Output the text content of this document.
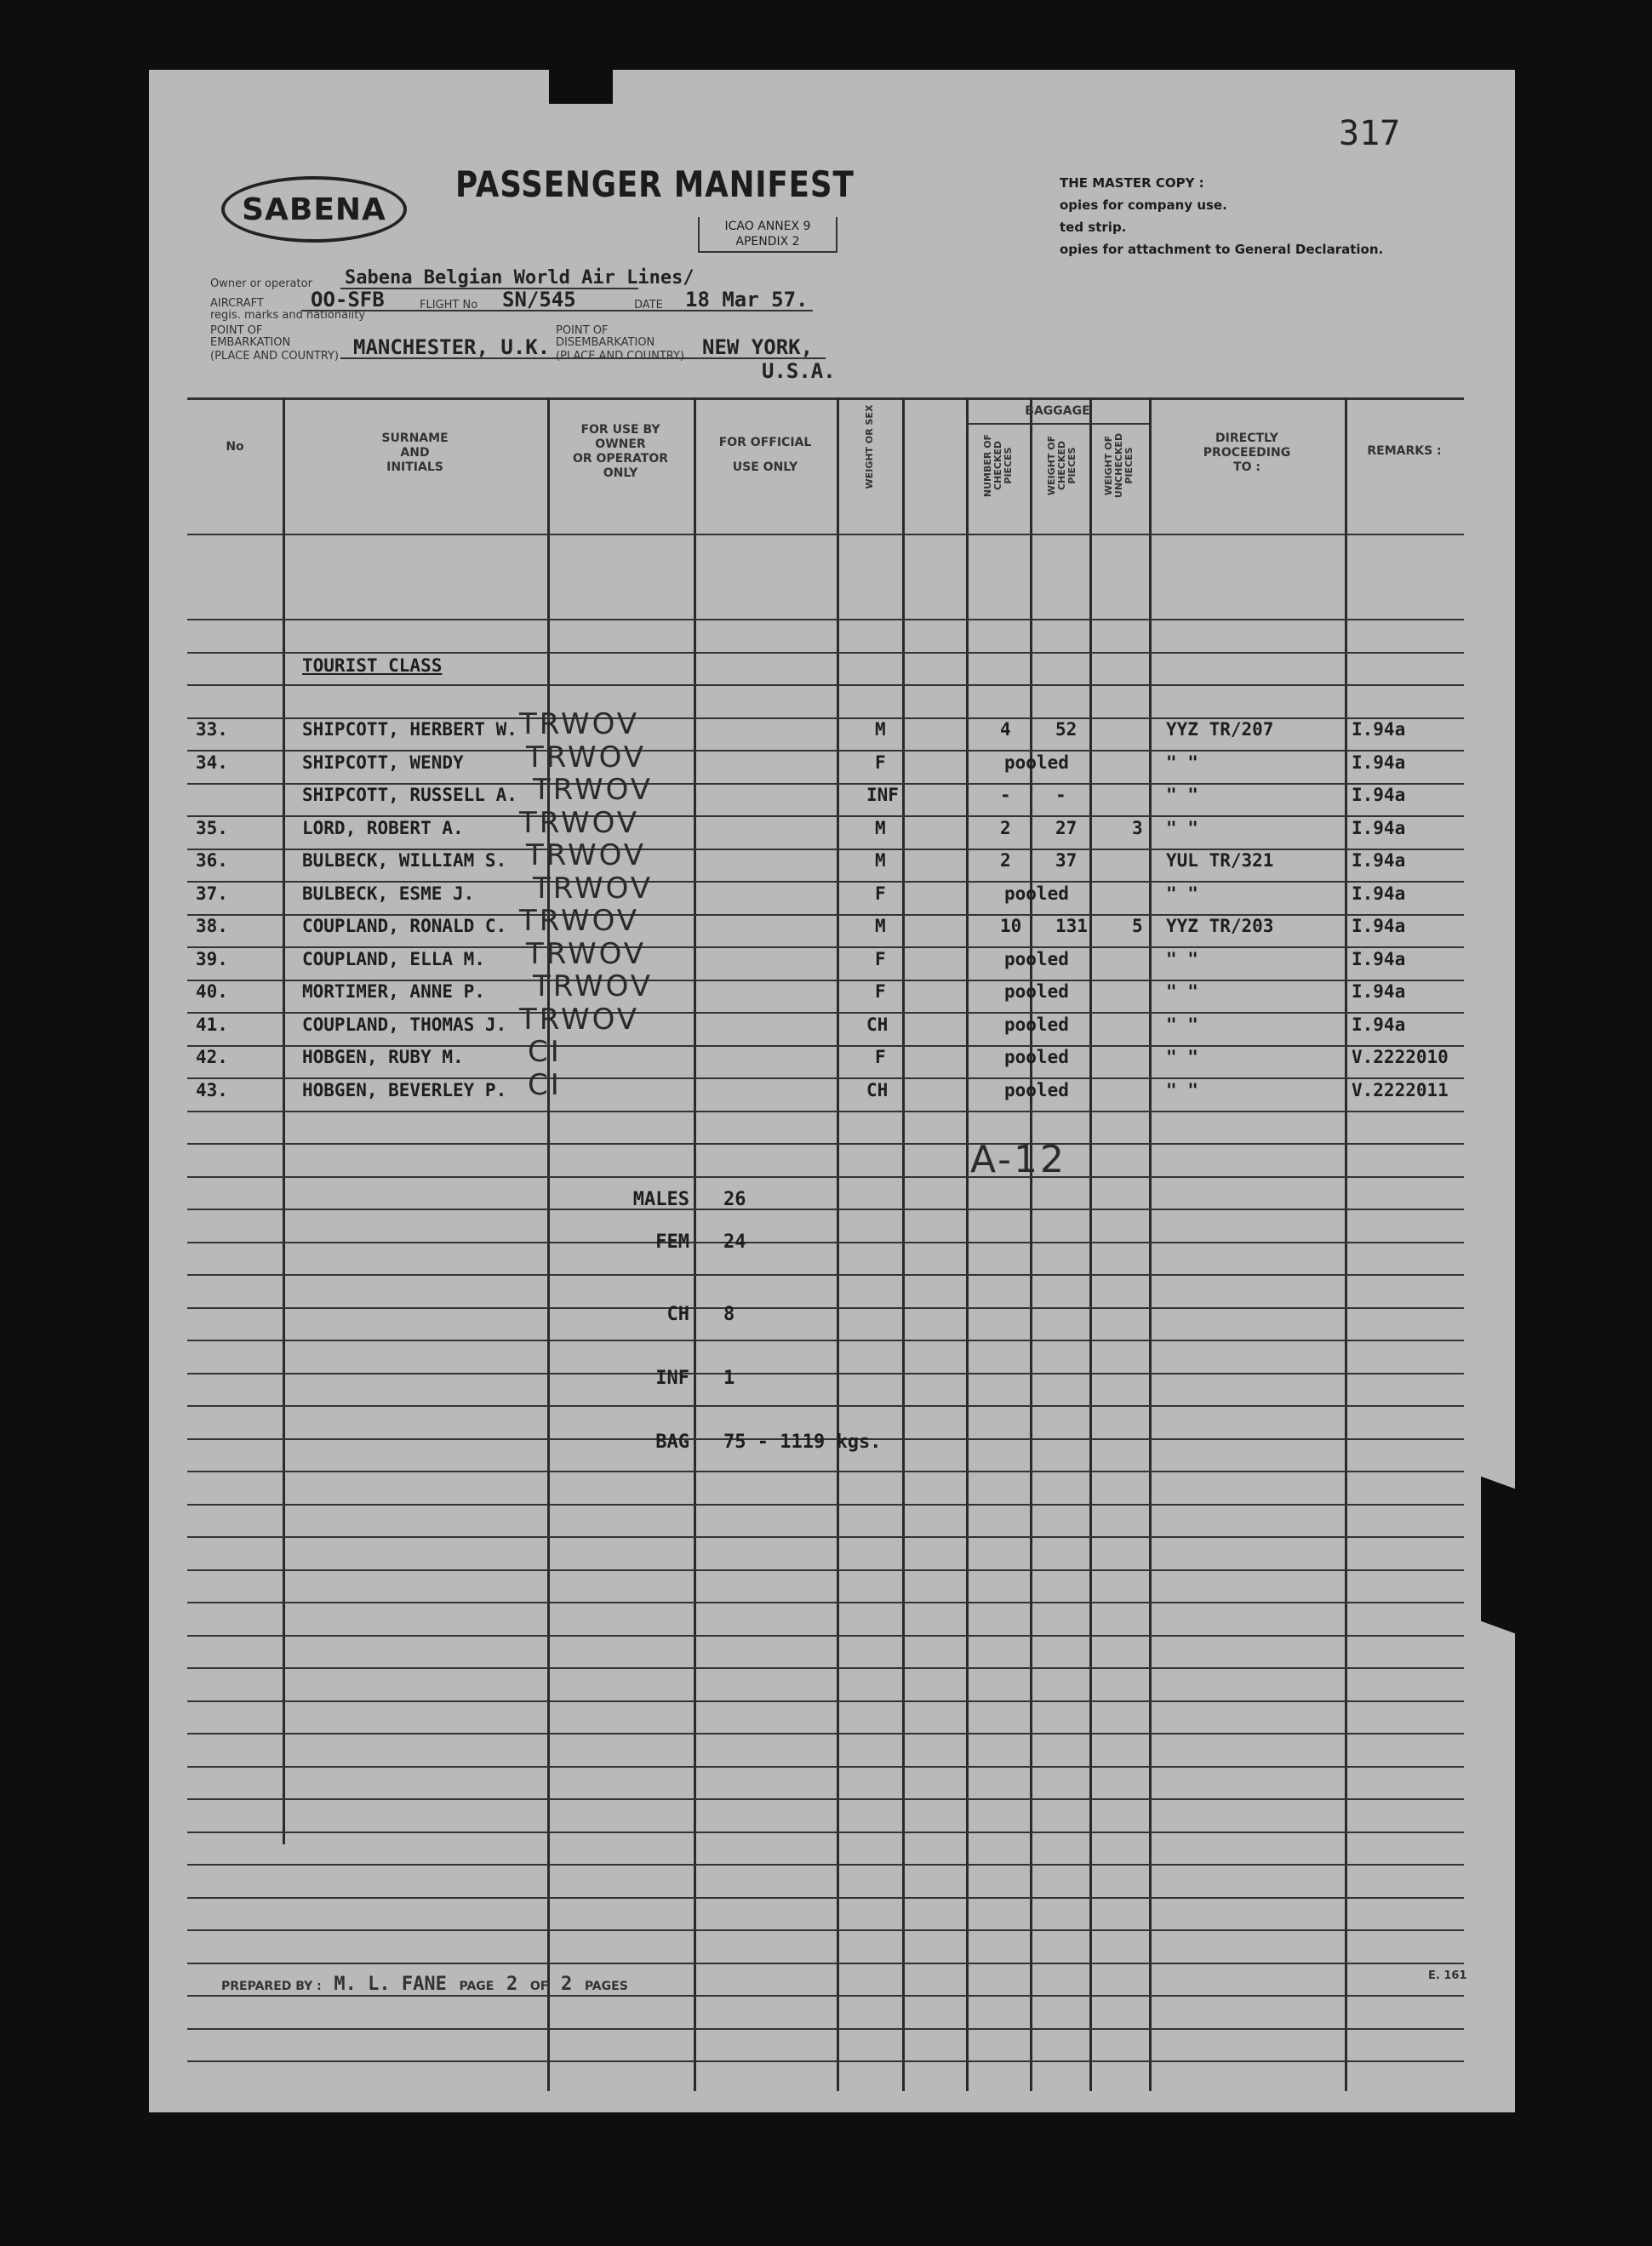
317
SABENA
PASSENGER MANIFEST
ICAO ANNEX 9
APENDIX 2
THE MASTER COPY :
opies for company use.
ted strip.
opies for attachment to General Declaration.
Owner or operator Sabena Belgian World Air Lines/
AIRCRAFT
regis. marks and nationality
OO-SFB	FLIGHT No SN/545	DATE 18 Mar 57.
POINT OF EMBARKATION
(PLACE AND COUNTRY) MANCHESTER, U.K.
POINT OF DISEMBARKATION
(PLACE AND COUNTRY) NEW YORK,
U.S.A.
No
SURNAME
AND
INITIALS
FOR USE BY
OWNER
OR OPERATOR
ONLY
FOR OFFICIAL
USE ONLY	WEIGHT OR SEX	BAGGAGE
NUMBER OF
CHECKED
PIECES	WEIGHT OF
CHECKED
PIECES	WEIGHT OF
UNCHECKED
PIECES
DIRECTLY
PROCEEDING
TO :
REMARKS :
TOURIST CLASS
33.	SHIPCOTT, HERBERT W.	M	4 52	YYZ TR/207	I.94a
TRWOV
34.	SHIPCOTT, WENDY	F	pooled	" "	I.94a
TRWOV
SHIPCOTT, RUSSELL A.	INF	- -	" "	I.94a
TRWOV
35.	LORD, ROBERT A.	M	2 27	3 " "	I.94a
TRWOV
36.	BULBECK, WILLIAM S.	M	2 37	YUL TR/321	I.94a
TRWOV
37.	BULBECK, ESME J.	F	pooled	" "	I.94a
TRWOV
38.	COUPLAND, RONALD C.	M	10 131 5 YYZ TR/203	I.94a
TRWOV
39.	COUPLAND, ELLA M.	F	pooled	" "	I.94a
TRWOV
40.	MORTIMER, ANNE P.	F	pooled	" "	I.94a
TRWOV
41.	COUPLAND, THOMAS J.	CH	pooled	" "	I.94a
TRWOV
42.	HOBGEN, RUBY M.	F	pooled	" "	V.2222010
CI
43.	HOBGEN, BEVERLEY P.	CH	pooled	" "	V.2222011
CI
A-12
MALES 26
FEM 24
CH 8
INF 1
BAG 75 - 1119 kgs.
PREPARED BY : M. L. FANE PAGE 2 OF 2 PAGES
E. 161
